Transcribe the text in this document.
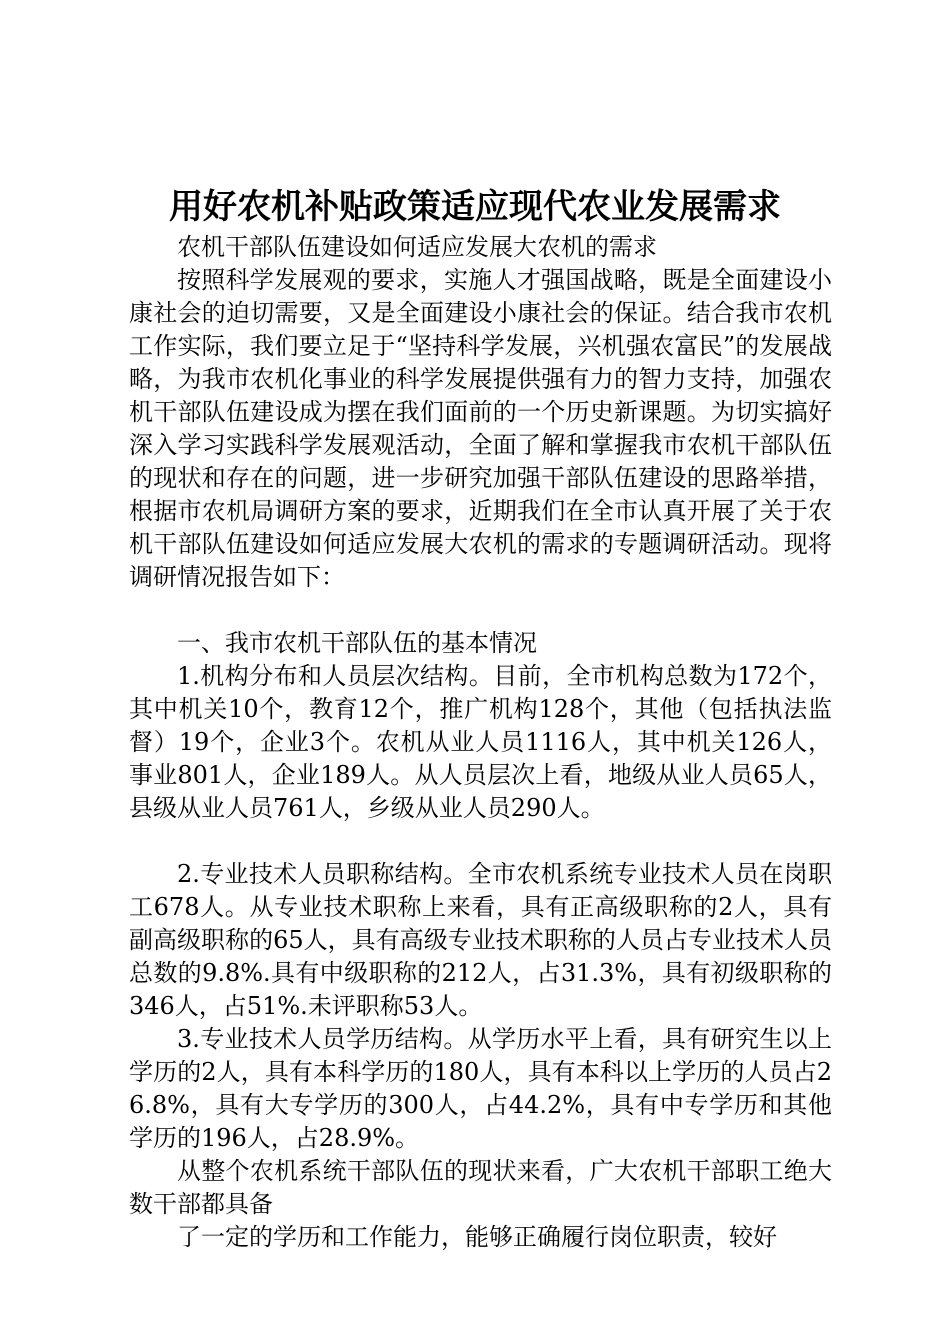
用好农机补贴政策适应现代农业发展需求

农机干部队伍建设如何适应发展大农机的需求

按照科学发展观的要求，实施人才强国战略，既是全面建设小康社会的迫切需要，又是全面建设小康社会的保证。结合我市农机工作实际，我们要立足于“坚持科学发展，兴机强农富民”的发展战略，为我市农机化事业的科学发展提供强有力的智力支持，加强农机干部队伍建设成为摆在我们面前的一个历史新课题。为切实搞好深入学习实践科学发展观活动，全面了解和掌握我市农机干部队伍的现状和存在的问题，进一步研究加强干部队伍建设的思路举措，根据市农机局调研方案的要求，近期我们在全市认真开展了关于农机干部队伍建设如何适应发展大农机的需求的专题调研活动。现将调研情况报告如下：

一、我市农机干部队伍的基本情况

1.机构分布和人员层次结构。目前，全市机构总数为172个，其中机关10个，教育12个，推广机构128个，其他（包括执法监督）19个，企业3个。农机从业人员1116人，其中机关126人，事业801人，企业189人。从人员层次上看，地级从业人员65人，县级从业人员761人，乡级从业人员290人。

2.专业技术人员职称结构。全市农机系统专业技术人员在岗职工678人。从专业技术职称上来看，具有正高级职称的2人，具有副高级职称的65人，具有高级专业技术职称的人员占专业技术人员总数的9.8%.具有中级职称的212人，占31.3%，具有初级职称的346人，占51%.未评职称53人。

3.专业技术人员学历结构。从学历水平上看，具有研究生以上学历的2人，具有本科学历的180人，具有本科以上学历的人员占26.8%，具有大专学历的300人，占44.2%，具有中专学历和其他学历的196人，占28.9%。

从整个农机系统干部队伍的现状来看，广大农机干部职工绝大数干部都具备

了一定的学历和工作能力，能够正确履行岗位职责，较好
